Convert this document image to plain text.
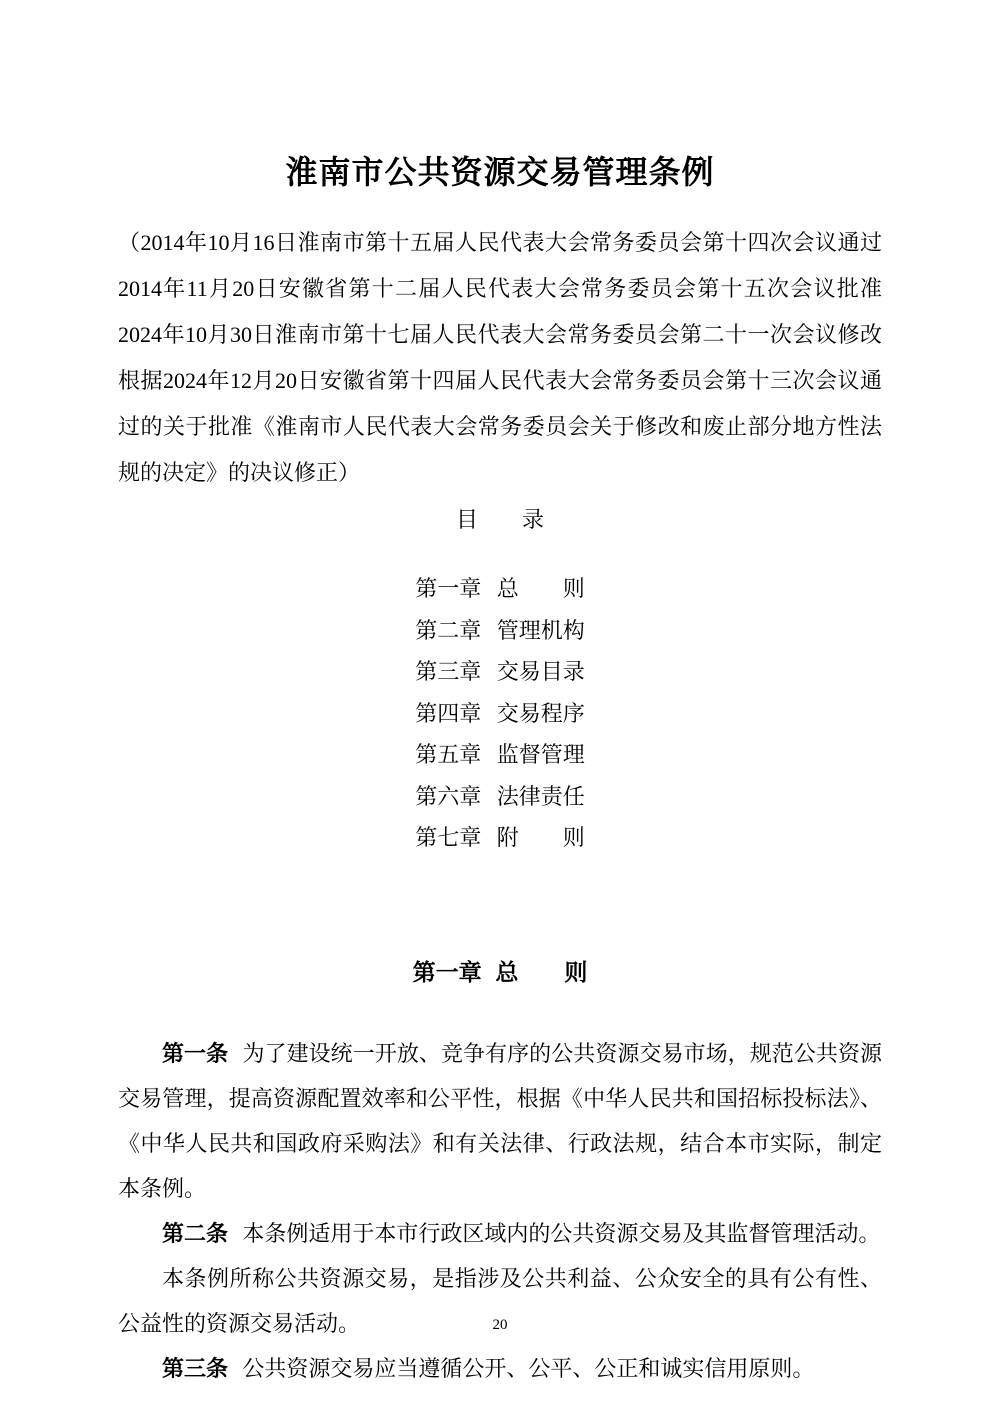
淮南市公共资源交易管理条例

（2014年10月16日淮南市第十五届人民代表大会常务委员会第十四次会议通过　　2014年11月20日安徽省第十二届人民代表大会常务委员会第十五次会议批准　　2024年10月30日淮南市第十七届人民代表大会常务委员会第二十一次会议修改　　根据2024年12月20日安徽省第十四届人民代表大会常务委员会第十三次会议通过的关于批准《淮南市人民代表大会常务委员会关于修改和废止部分地方性法规的决定》的决议修正）

目　　录
第一章 总　　则
第二章 管理机构
第三章 交易目录
第四章 交易程序
第五章 监督管理
第六章 法律责任
第七章 附　　则
第一章 总　　则

第一条 为了建设统一开放、竞争有序的公共资源交易市场，规范公共资源交易管理，提高资源配置效率和公平性，根据《中华人民共和国招标投标法》、《中华人民共和国政府采购法》和有关法律、行政法规，结合本市实际，制定本条例。

第二条 本条例适用于本市行政区域内的公共资源交易及其监督管理活动。

本条例所称公共资源交易，是指涉及公共利益、公众安全的具有公有性、公益性的资源交易活动。

第三条 公共资源交易应当遵循公开、公平、公正和诚实信用原则。

20
